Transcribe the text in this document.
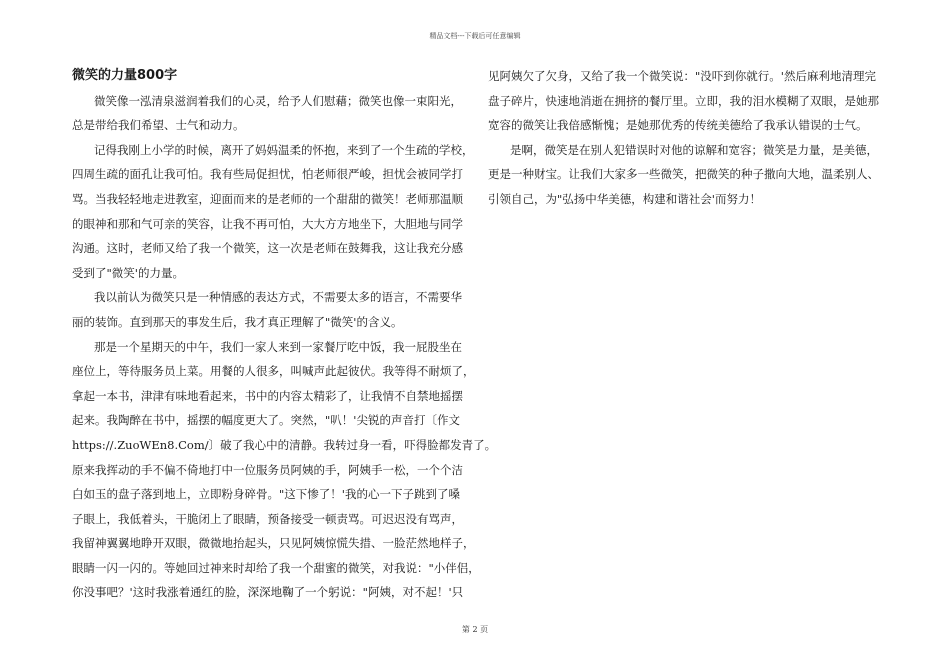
精品文档---下载后可任意编辑
微笑的力量800字
微笑像一泓清泉滋润着我们的心灵，给予人们慰藉；微笑也像一束阳光，
总是带给我们希望、士气和动力。
记得我刚上小学的时候，离开了妈妈温柔的怀抱，来到了一个生疏的学校，
四周生疏的面孔让我可怕。我有些局促担忧，怕老师很严峻，担忧会被同学打
骂。当我轻轻地走进教室，迎面而来的是老师的一个甜甜的微笑！老师那温顺
的眼神和那和气可亲的笑容，让我不再可怕，大大方方地坐下，大胆地与同学
沟通。这时，老师又给了我一个微笑，这一次是老师在鼓舞我，这让我充分感
受到了"微笑'的力量。
我以前认为微笑只是一种情感的表达方式，不需要太多的语言，不需要华
丽的装饰。直到那天的事发生后，我才真正理解了"微笑'的含义。
那是一个星期天的中午，我们一家人来到一家餐厅吃中饭，我一屁股坐在
座位上，等待服务员上菜。用餐的人很多，叫喊声此起彼伏。我等得不耐烦了，
拿起一本书，津津有味地看起来，书中的内容太精彩了，让我情不自禁地摇摆
起来。我陶醉在书中，摇摆的幅度更大了。突然，"叭！'尖锐的声音打〔作文
https://.ZuoWEn8.Com/〕破了我心中的清静。我转过身一看，吓得脸都发青了。
原来我挥动的手不偏不倚地打中一位服务员阿姨的手，阿姨手一松，一个个洁
白如玉的盘子落到地上，立即粉身碎骨。"这下惨了！'我的心一下子跳到了嗓
子眼上，我低着头，干脆闭上了眼睛，预备接受一顿责骂。可迟迟没有骂声，
我留神翼翼地睁开双眼，微微地抬起头，只见阿姨惊慌失措、一脸茫然地样子，
眼睛一闪一闪的。等她回过神来时却给了我一个甜蜜的微笑，对我说："小伴侣，
你没事吧？'这时我涨着通红的脸，深深地鞠了一个躬说："阿姨，对不起！'只
见阿姨欠了欠身，又给了我一个微笑说："没吓到你就行。'然后麻利地清理完
盘子碎片，快速地消逝在拥挤的餐厅里。立即，我的泪水模糊了双眼，是她那
宽容的微笑让我倍感惭愧；是她那优秀的传统美德给了我承认错误的士气。
是啊，微笑是在别人犯错误时对他的谅解和宽容；微笑是力量，是美德，
更是一种财宝。让我们大家多一些微笑，把微笑的种子撒向大地，温柔别人、
引领自己，为"弘扬中华美德，构建和谐社会'而努力！
第 2 页
